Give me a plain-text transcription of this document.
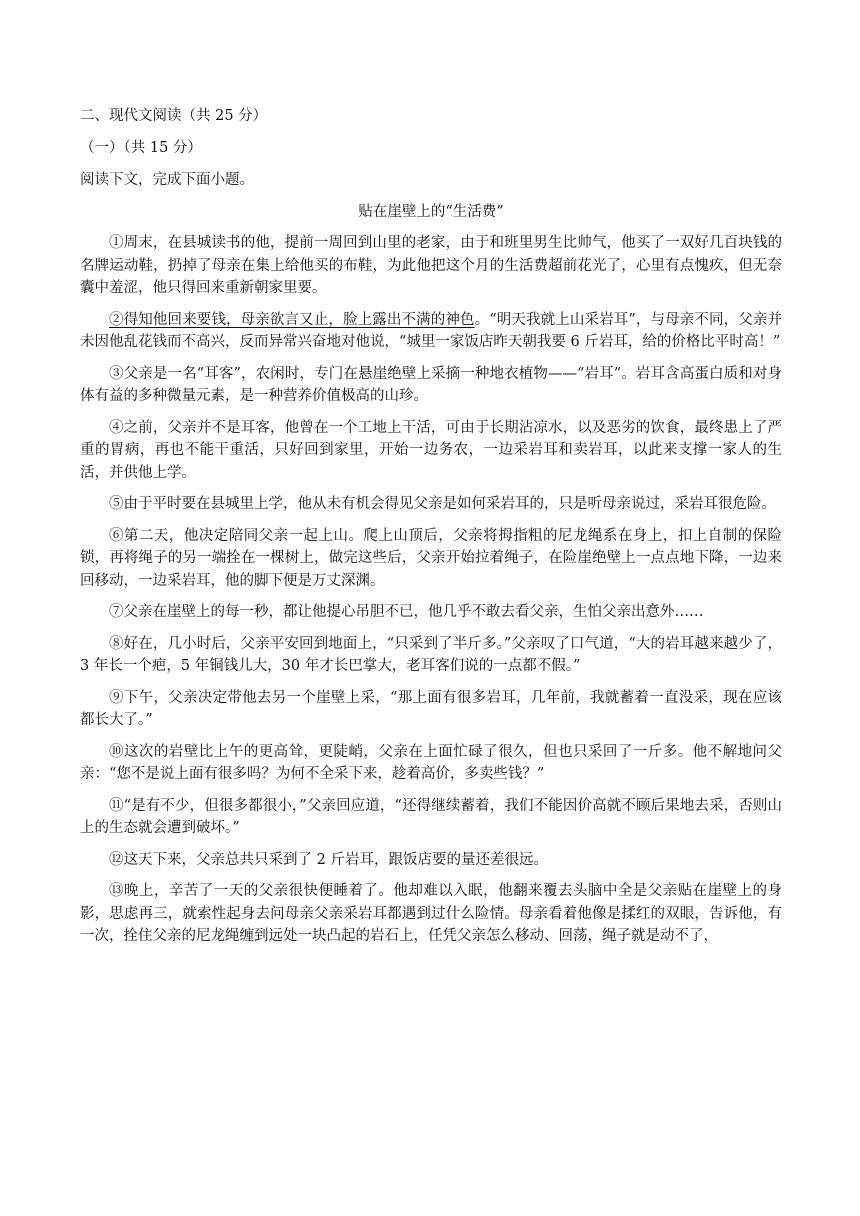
二、现代文阅读（共 25 分）

（一）（共 15 分）

阅读下文，完成下面小题。

贴在崖壁上的“生活费”

①周末，在县城读书的他，提前一周回到山里的老家，由于和班里男生比帅气，他买了一双好几百块钱的名牌运动鞋，扔掉了母亲在集上给他买的布鞋，为此他把这个月的生活费超前花光了，心里有点愧疚，但无奈囊中羞涩，他只得回来重新朝家里要。

②得知他回来要钱，母亲欲言又止，脸上露出不满的神色。“明天我就上山采岩耳”，与母亲不同，父亲并未因他乱花钱而不高兴，反而异常兴奋地对他说，“城里一家饭店昨天朝我要 6 斤岩耳，给的价格比平时高！”

③父亲是一名“耳客”，农闲时，专门在悬崖绝壁上采摘一种地衣植物——“岩耳”。岩耳含高蛋白质和对身体有益的多种微量元素，是一种营养价值极高的山珍。

④之前，父亲并不是耳客，他曾在一个工地上干活，可由于长期沾凉水，以及恶劣的饮食，最终患上了严重的胃病，再也不能干重活，只好回到家里，开始一边务农，一边采岩耳和卖岩耳，以此来支撑一家人的生活，并供他上学。

⑤由于平时要在县城里上学，他从未有机会得见父亲是如何采岩耳的，只是听母亲说过，采岩耳很危险。

⑥第二天，他决定陪同父亲一起上山。爬上山顶后，父亲将拇指粗的尼龙绳系在身上，扣上自制的保险锁，再将绳子的另一端拴在一棵树上，做完这些后，父亲开始拉着绳子，在险崖绝壁上一点点地下降，一边来回移动，一边采岩耳，他的脚下便是万丈深渊。

⑦父亲在崖壁上的每一秒，都让他提心吊胆不已，他几乎不敢去看父亲，生怕父亲出意外……

⑧好在，几小时后，父亲平安回到地面上，“只采到了半斤多。”父亲叹了口气道，“大的岩耳越来越少了，3 年长一个疤，5 年铜钱儿大，30 年才长巴掌大，老耳客们说的一点都不假。”

⑨下午，父亲决定带他去另一个崖壁上采，“那上面有很多岩耳，几年前，我就蓄着一直没采，现在应该都长大了。”

⑩这次的岩壁比上午的更高耸，更陡峭，父亲在上面忙碌了很久，但也只采回了一斤多。他不解地问父亲：“您不是说上面有很多吗？为何不全采下来，趁着高价，多卖些钱？”

⑪“是有不少，但很多都很小，”父亲回应道，“还得继续蓄着，我们不能因价高就不顾后果地去采，否则山上的生态就会遭到破坏。”

⑫这天下来，父亲总共只采到了 2 斤岩耳，跟饭店要的量还差很远。

⑬晚上，辛苦了一天的父亲很快便睡着了。他却难以入眠，他翻来覆去头脑中全是父亲贴在崖壁上的身影，思虑再三，就索性起身去问母亲父亲采岩耳都遇到过什么险情。母亲看着他像是揉红的双眼，告诉他，有一次，拴住父亲的尼龙绳缠到远处一块凸起的岩石上，任凭父亲怎么移动、回荡，绳子就是动不了，
